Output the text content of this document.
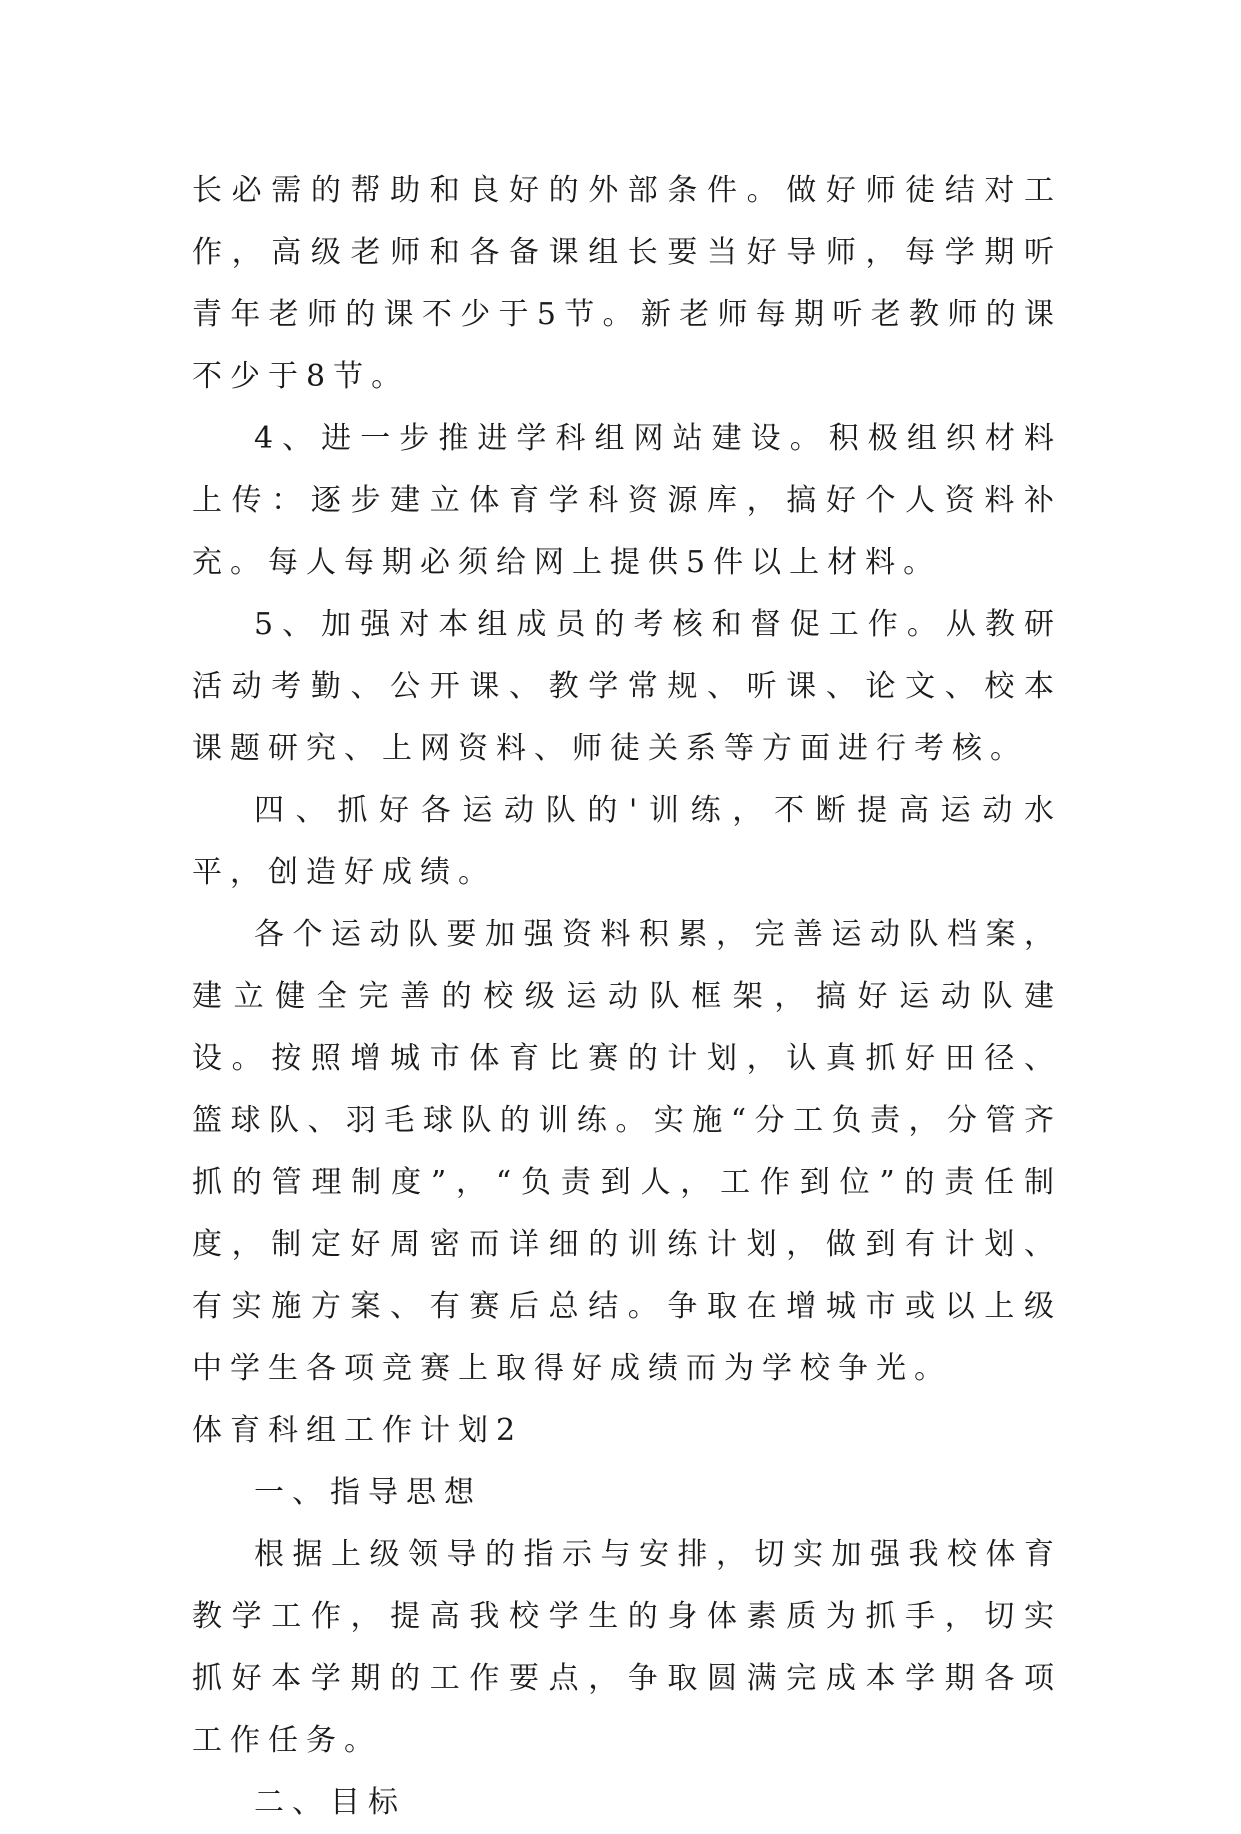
长必需的帮助和良好的外部条件。做好师徒结对工作，高级老师和各备课组长要当好导师，每学期听青年老师的课不少于5节。新老师每期听老教师的课不少于8节。

4、进一步推进学科组网站建设。积极组织材料上传：逐步建立体育学科资源库，搞好个人资料补充。每人每期必须给网上提供5件以上材料。

5、加强对本组成员的考核和督促工作。从教研活动考勤、公开课、教学常规、听课、论文、校本课题研究、上网资料、师徒关系等方面进行考核。

四、抓好各运动队的'训练，不断提高运动水平，创造好成绩。

各个运动队要加强资料积累，完善运动队档案，建立健全完善的校级运动队框架，搞好运动队建设。按照增城市体育比赛的计划，认真抓好田径、篮球队、羽毛球队的训练。实施“分工负责，分管齐抓的管理制度”，“负责到人，工作到位”的责任制度，制定好周密而详细的训练计划，做到有计划、有实施方案、有赛后总结。争取在增城市或以上级中学生各项竞赛上取得好成绩而为学校争光。

体育科组工作计划2

一、指导思想

根据上级领导的指示与安排，切实加强我校体育教学工作，提高我校学生的身体素质为抓手，切实抓好本学期的工作要点，争取圆满完成本学期各项工作任务。

二、目标
